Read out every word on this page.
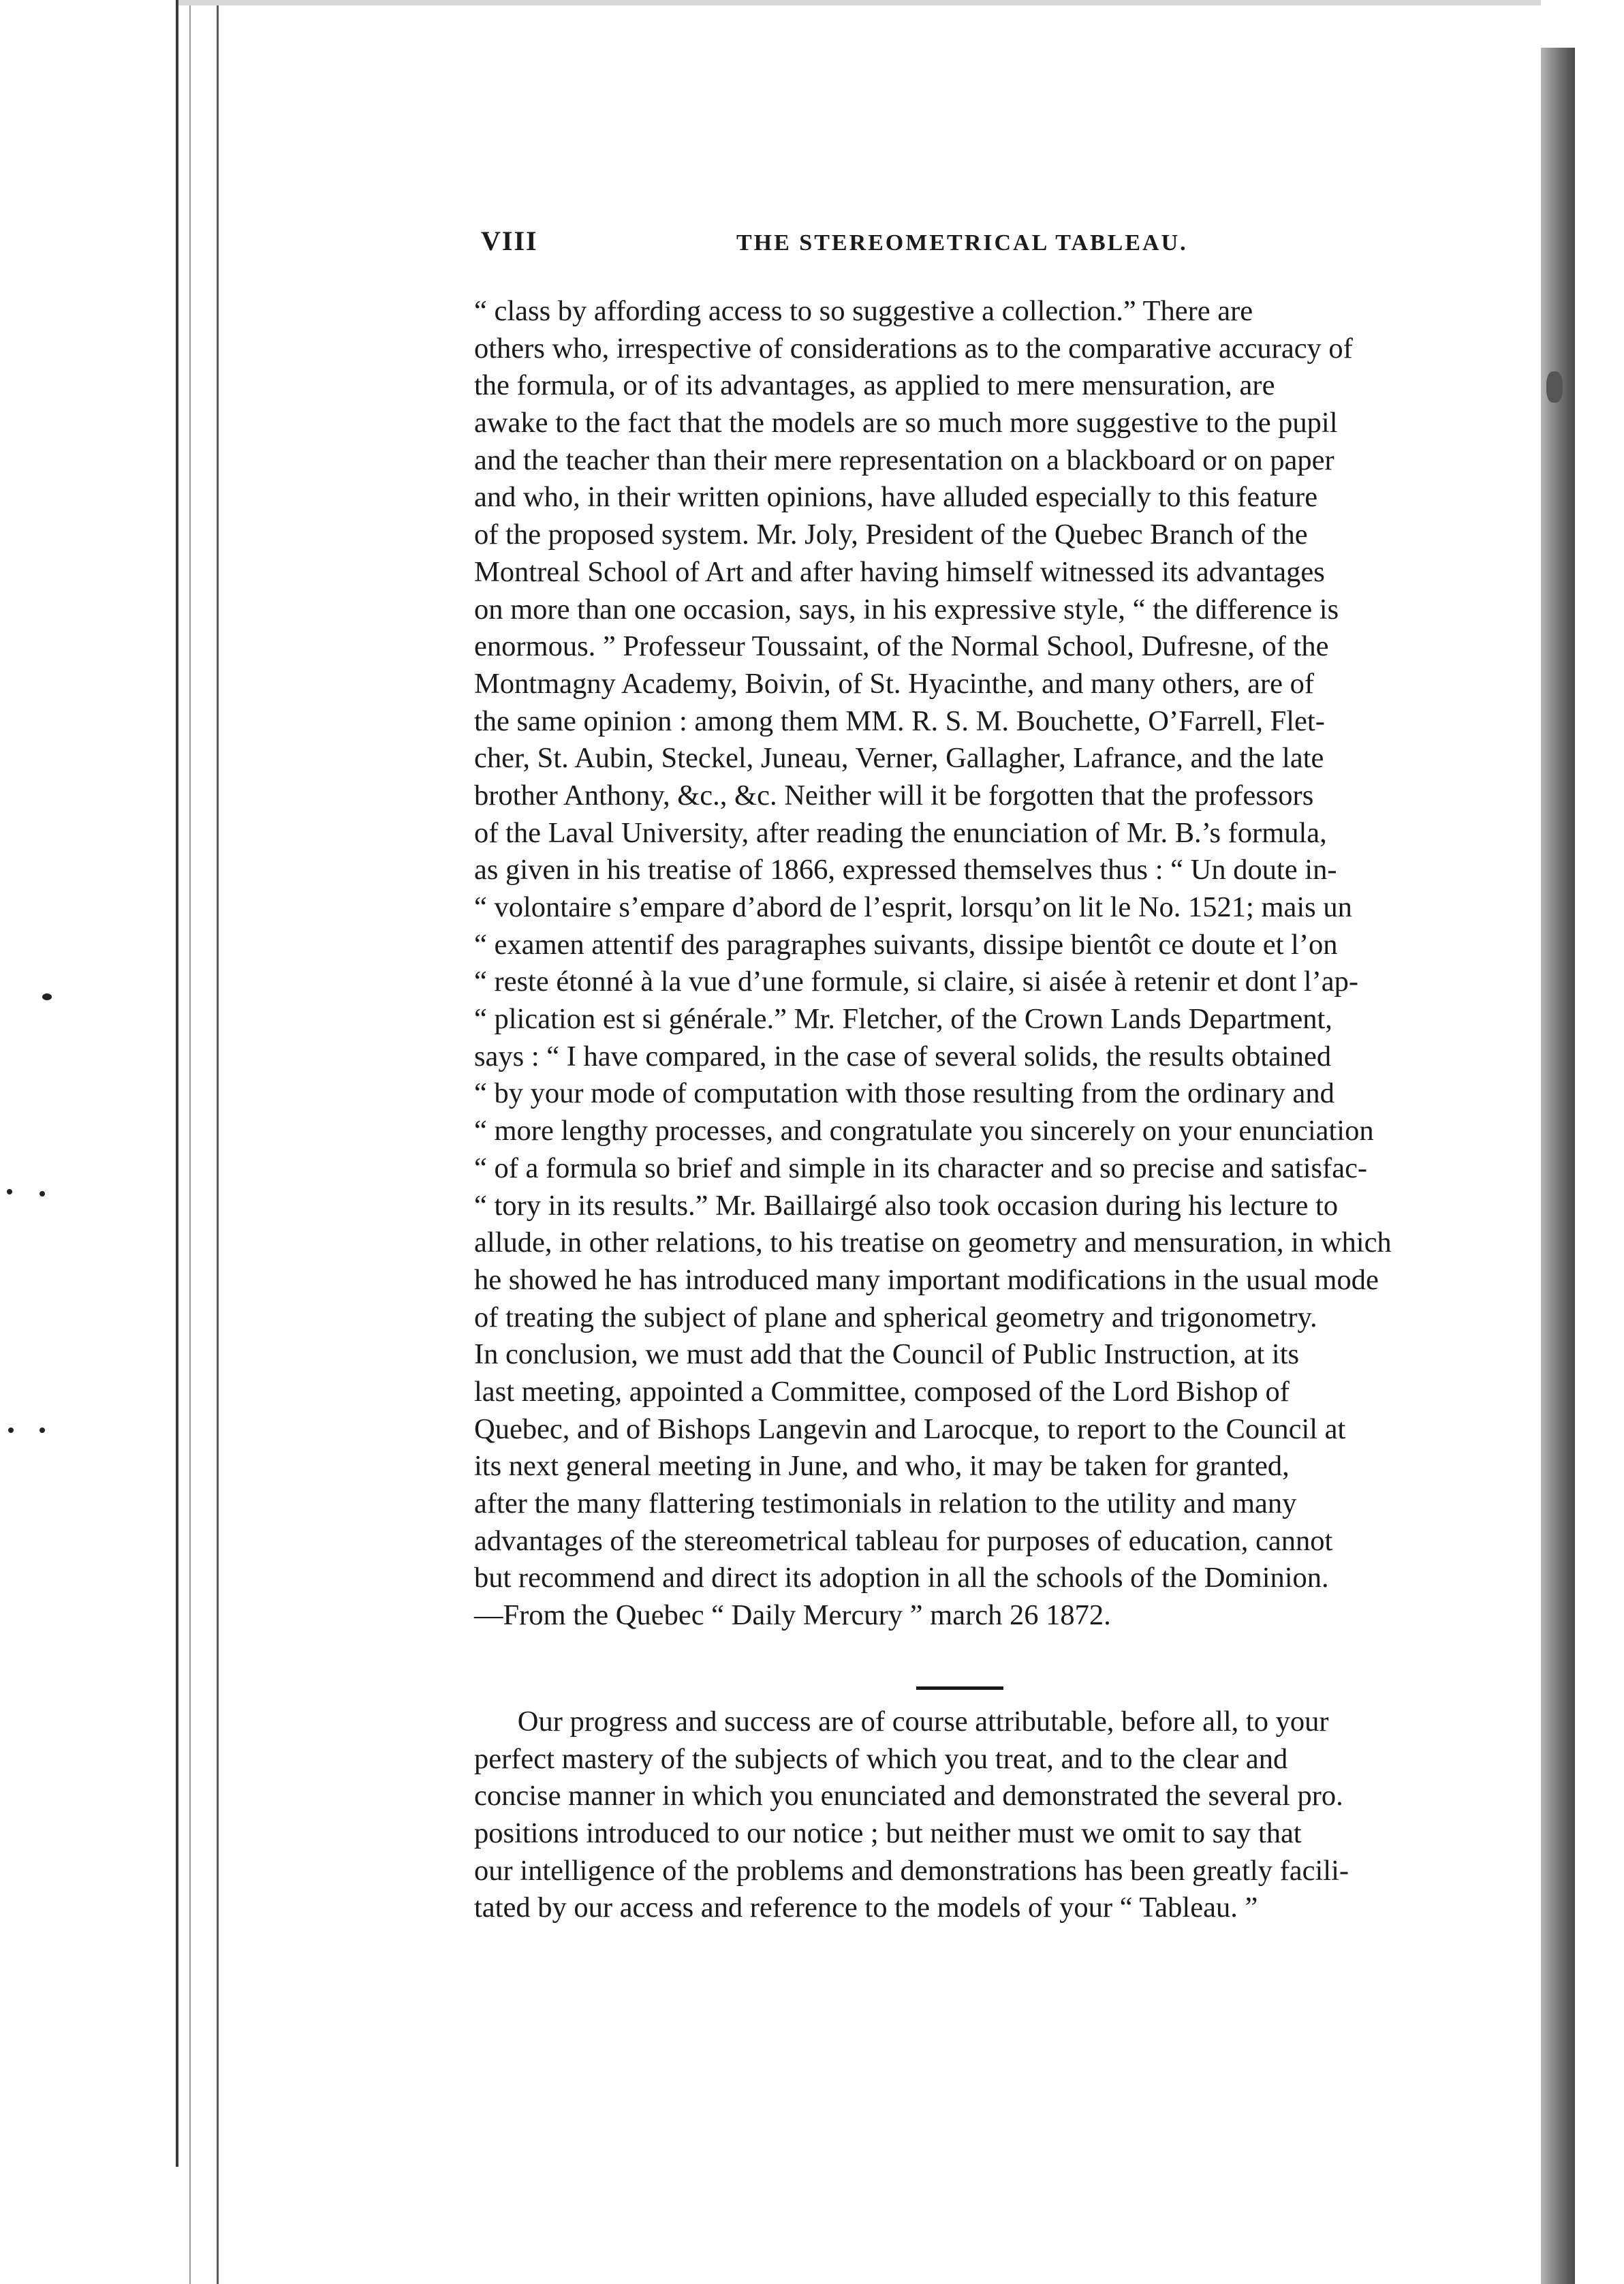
VIII	THE STEREOMETRICAL TABLEAU.
“ class by affording access to so suggestive a collection.” There are
others who, irrespective of considerations as to the comparative accuracy of
the formula, or of its advantages, as applied to mere mensuration, are
awake to the fact that the models are so much more suggestive to the pupil
and the teacher than their mere representation on a blackboard or on paper
and who, in their written opinions, have alluded especially to this feature
of the proposed system. Mr. Joly, President of the Quebec Branch of the
Montreal School of Art and after having himself witnessed its advantages
on more than one occasion, says, in his expressive style, “ the difference is
enormous. ” Professeur Toussaint, of the Normal School, Dufresne, of the
Montmagny Academy, Boivin, of St. Hyacinthe, and many others, are of
the same opinion : among them MM. R. S. M. Bouchette, O’Farrell, Flet-
cher, St. Aubin, Steckel, Juneau, Verner, Gallagher, Lafrance, and the late
brother Anthony, &c., &c. Neither will it be forgotten that the professors
of the Laval University, after reading the enunciation of Mr. B.’s formula,
as given in his treatise of 1866, expressed themselves thus : “ Un doute in-
“ volontaire s’empare d’abord de l’esprit, lorsqu’on lit le No. 1521; mais un
“ examen attentif des paragraphes suivants, dissipe bientôt ce doute et l’on
“ reste étonné à la vue d’une formule, si claire, si aisée à retenir et dont l’ap-
“ plication est si générale.” Mr. Fletcher, of the Crown Lands Department,
says : “ I have compared, in the case of several solids, the results obtained
“ by your mode of computation with those resulting from the ordinary and
“ more lengthy processes, and congratulate you sincerely on your enunciation
“ of a formula so brief and simple in its character and so precise and satisfac-
“ tory in its results.” Mr. Baillairgé also took occasion during his lecture to
allude, in other relations, to his treatise on geometry and mensuration, in which
he showed he has introduced many important modifications in the usual mode
of treating the subject of plane and spherical geometry and trigonometry.
In conclusion, we must add that the Council of Public Instruction, at its
last meeting, appointed a Committee, composed of the Lord Bishop of
Quebec, and of Bishops Langevin and Larocque, to report to the Council at
its next general meeting in June, and who, it may be taken for granted,
after the many flattering testimonials in relation to the utility and many
advantages of the stereometrical tableau for purposes of education, cannot
but recommend and direct its adoption in all the schools of the Dominion.
—From the Quebec “ Daily Mercury ” march 26 1872.
Our progress and success are of course attributable, before all, to your
perfect mastery of the subjects of which you treat, and to the clear and
concise manner in which you enunciated and demonstrated the several pro.
positions introduced to our notice ; but neither must we omit to say that
our intelligence of the problems and demonstrations has been greatly facili-
tated by our access and reference to the models of your “ Tableau. ”
